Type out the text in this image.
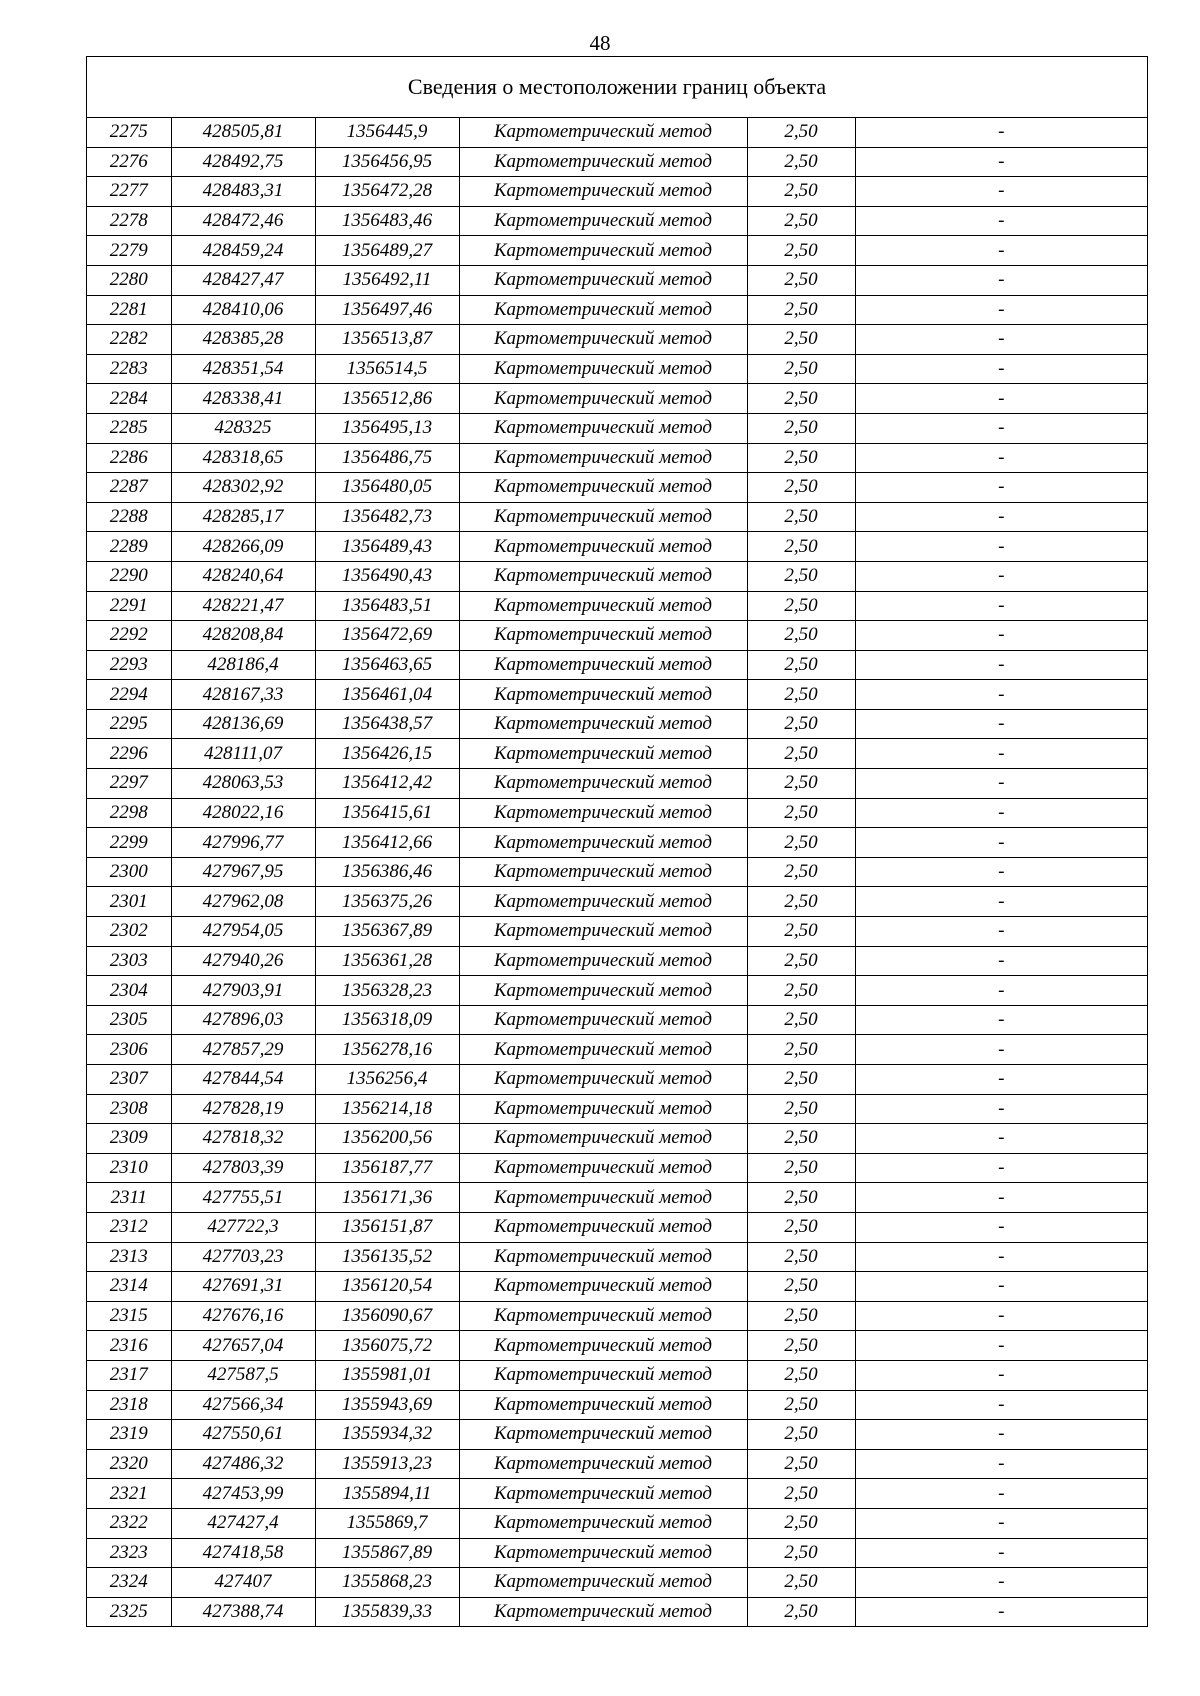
48
Сведения о местоположении границ объекта
2275	428505,81	1356445,9	Картометрический метод	2,50	-
2276	428492,75	1356456,95	Картометрический метод	2,50	-
2277	428483,31	1356472,28	Картометрический метод	2,50	-
2278	428472,46	1356483,46	Картометрический метод	2,50	-
2279	428459,24	1356489,27	Картометрический метод	2,50	-
2280	428427,47	1356492,11	Картометрический метод	2,50	-
2281	428410,06	1356497,46	Картометрический метод	2,50	-
2282	428385,28	1356513,87	Картометрический метод	2,50	-
2283	428351,54	1356514,5	Картометрический метод	2,50	-
2284	428338,41	1356512,86	Картометрический метод	2,50	-
2285	428325	1356495,13	Картометрический метод	2,50	-
2286	428318,65	1356486,75	Картометрический метод	2,50	-
2287	428302,92	1356480,05	Картометрический метод	2,50	-
2288	428285,17	1356482,73	Картометрический метод	2,50	-
2289	428266,09	1356489,43	Картометрический метод	2,50	-
2290	428240,64	1356490,43	Картометрический метод	2,50	-
2291	428221,47	1356483,51	Картометрический метод	2,50	-
2292	428208,84	1356472,69	Картометрический метод	2,50	-
2293	428186,4	1356463,65	Картометрический метод	2,50	-
2294	428167,33	1356461,04	Картометрический метод	2,50	-
2295	428136,69	1356438,57	Картометрический метод	2,50	-
2296	428111,07	1356426,15	Картометрический метод	2,50	-
2297	428063,53	1356412,42	Картометрический метод	2,50	-
2298	428022,16	1356415,61	Картометрический метод	2,50	-
2299	427996,77	1356412,66	Картометрический метод	2,50	-
2300	427967,95	1356386,46	Картометрический метод	2,50	-
2301	427962,08	1356375,26	Картометрический метод	2,50	-
2302	427954,05	1356367,89	Картометрический метод	2,50	-
2303	427940,26	1356361,28	Картометрический метод	2,50	-
2304	427903,91	1356328,23	Картометрический метод	2,50	-
2305	427896,03	1356318,09	Картометрический метод	2,50	-
2306	427857,29	1356278,16	Картометрический метод	2,50	-
2307	427844,54	1356256,4	Картометрический метод	2,50	-
2308	427828,19	1356214,18	Картометрический метод	2,50	-
2309	427818,32	1356200,56	Картометрический метод	2,50	-
2310	427803,39	1356187,77	Картометрический метод	2,50	-
2311	427755,51	1356171,36	Картометрический метод	2,50	-
2312	427722,3	1356151,87	Картометрический метод	2,50	-
2313	427703,23	1356135,52	Картометрический метод	2,50	-
2314	427691,31	1356120,54	Картометрический метод	2,50	-
2315	427676,16	1356090,67	Картометрический метод	2,50	-
2316	427657,04	1356075,72	Картометрический метод	2,50	-
2317	427587,5	1355981,01	Картометрический метод	2,50	-
2318	427566,34	1355943,69	Картометрический метод	2,50	-
2319	427550,61	1355934,32	Картометрический метод	2,50	-
2320	427486,32	1355913,23	Картометрический метод	2,50	-
2321	427453,99	1355894,11	Картометрический метод	2,50	-
2322	427427,4	1355869,7	Картометрический метод	2,50	-
2323	427418,58	1355867,89	Картометрический метод	2,50	-
2324	427407	1355868,23	Картометрический метод	2,50	-
2325	427388,74	1355839,33	Картометрический метод	2,50	-
